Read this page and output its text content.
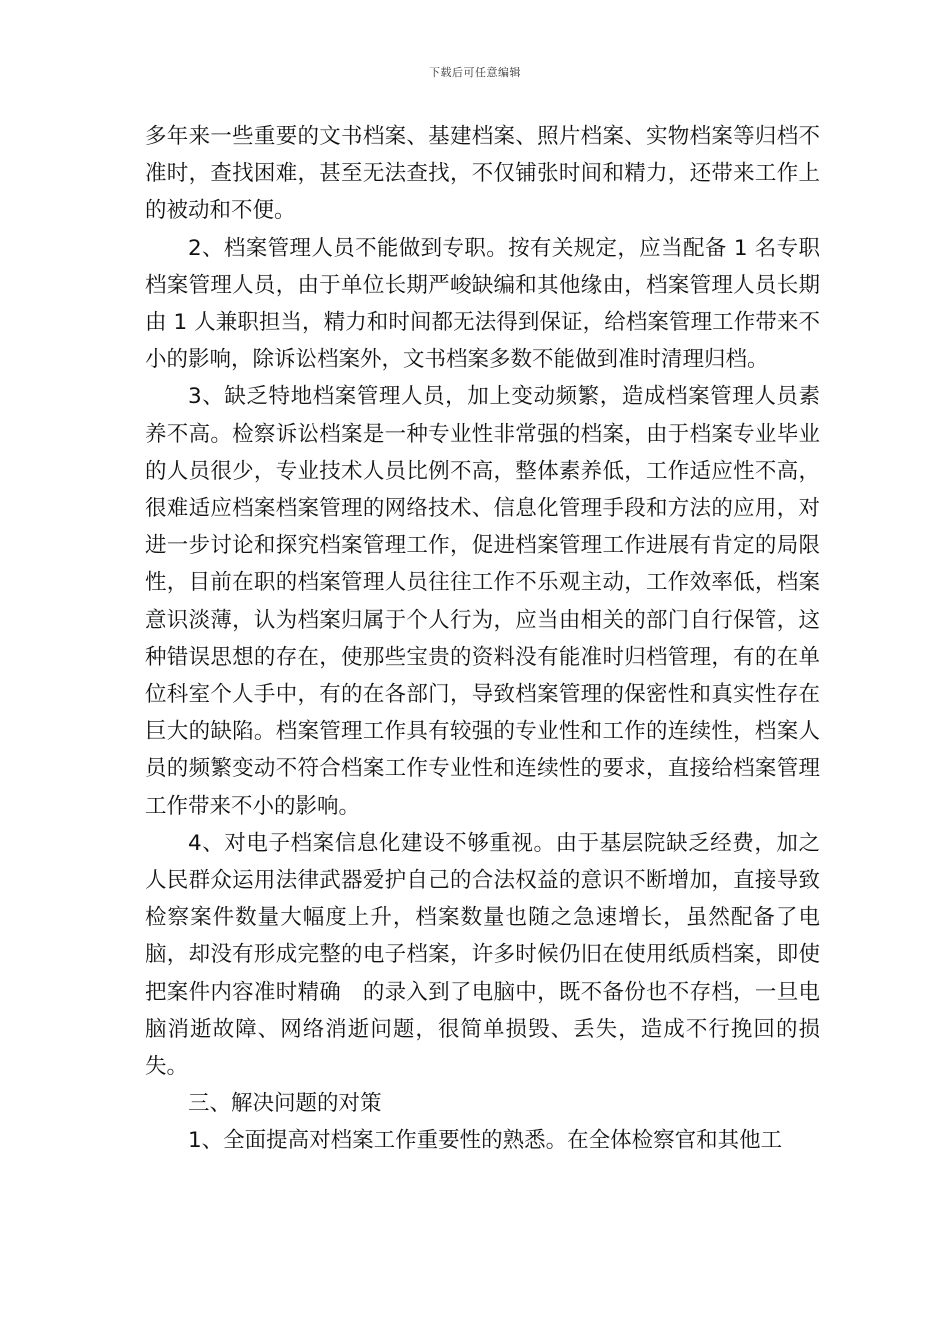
下载后可任意编辑

多年来一些重要的文书档案、基建档案、照片档案、实物档案等归档不准时，查找困难，甚至无法查找，不仅铺张时间和精力，还带来工作上的被动和不便。

2、档案管理人员不能做到专职。按有关规定，应当配备 1 名专职档案管理人员，由于单位长期严峻缺编和其他缘由，档案管理人员长期由 1 人兼职担当，精力和时间都无法得到保证，给档案管理工作带来不小的影响，除诉讼档案外，文书档案多数不能做到准时清理归档。

3、缺乏特地档案管理人员，加上变动频繁，造成档案管理人员素养不高。检察诉讼档案是一种专业性非常强的档案，由于档案专业毕业的人员很少，专业技术人员比例不高，整体素养低，工作适应性不高，很难适应档案档案管理的网络技术、信息化管理手段和方法的应用，对进一步讨论和探究档案管理工作，促进档案管理工作进展有肯定的局限性，目前在职的档案管理人员往往工作不乐观主动，工作效率低，档案意识淡薄，认为档案归属于个人行为，应当由相关的部门自行保管，这种错误思想的存在，使那些宝贵的资料没有能准时归档管理，有的在单位科室个人手中，有的在各部门，导致档案管理的保密性和真实性存在巨大的缺陷。档案管理工作具有较强的专业性和工作的连续性，档案人员的频繁变动不符合档案工作专业性和连续性的要求，直接给档案管理工作带来不小的影响。

4、对电子档案信息化建设不够重视。由于基层院缺乏经费，加之人民群众运用法律武器爱护自己的合法权益的意识不断增加，直接导致检察案件数量大幅度上升，档案数量也随之急速增长，虽然配备了电脑，却没有形成完整的电子档案，许多时候仍旧在使用纸质档案，即使把案件内容准时精确　的录入到了电脑中，既不备份也不存档，一旦电脑消逝故障、网络消逝问题，很简单损毁、丢失，造成不行挽回的损失。

三、解决问题的对策

1、全面提高对档案工作重要性的熟悉。在全体检察官和其他工
